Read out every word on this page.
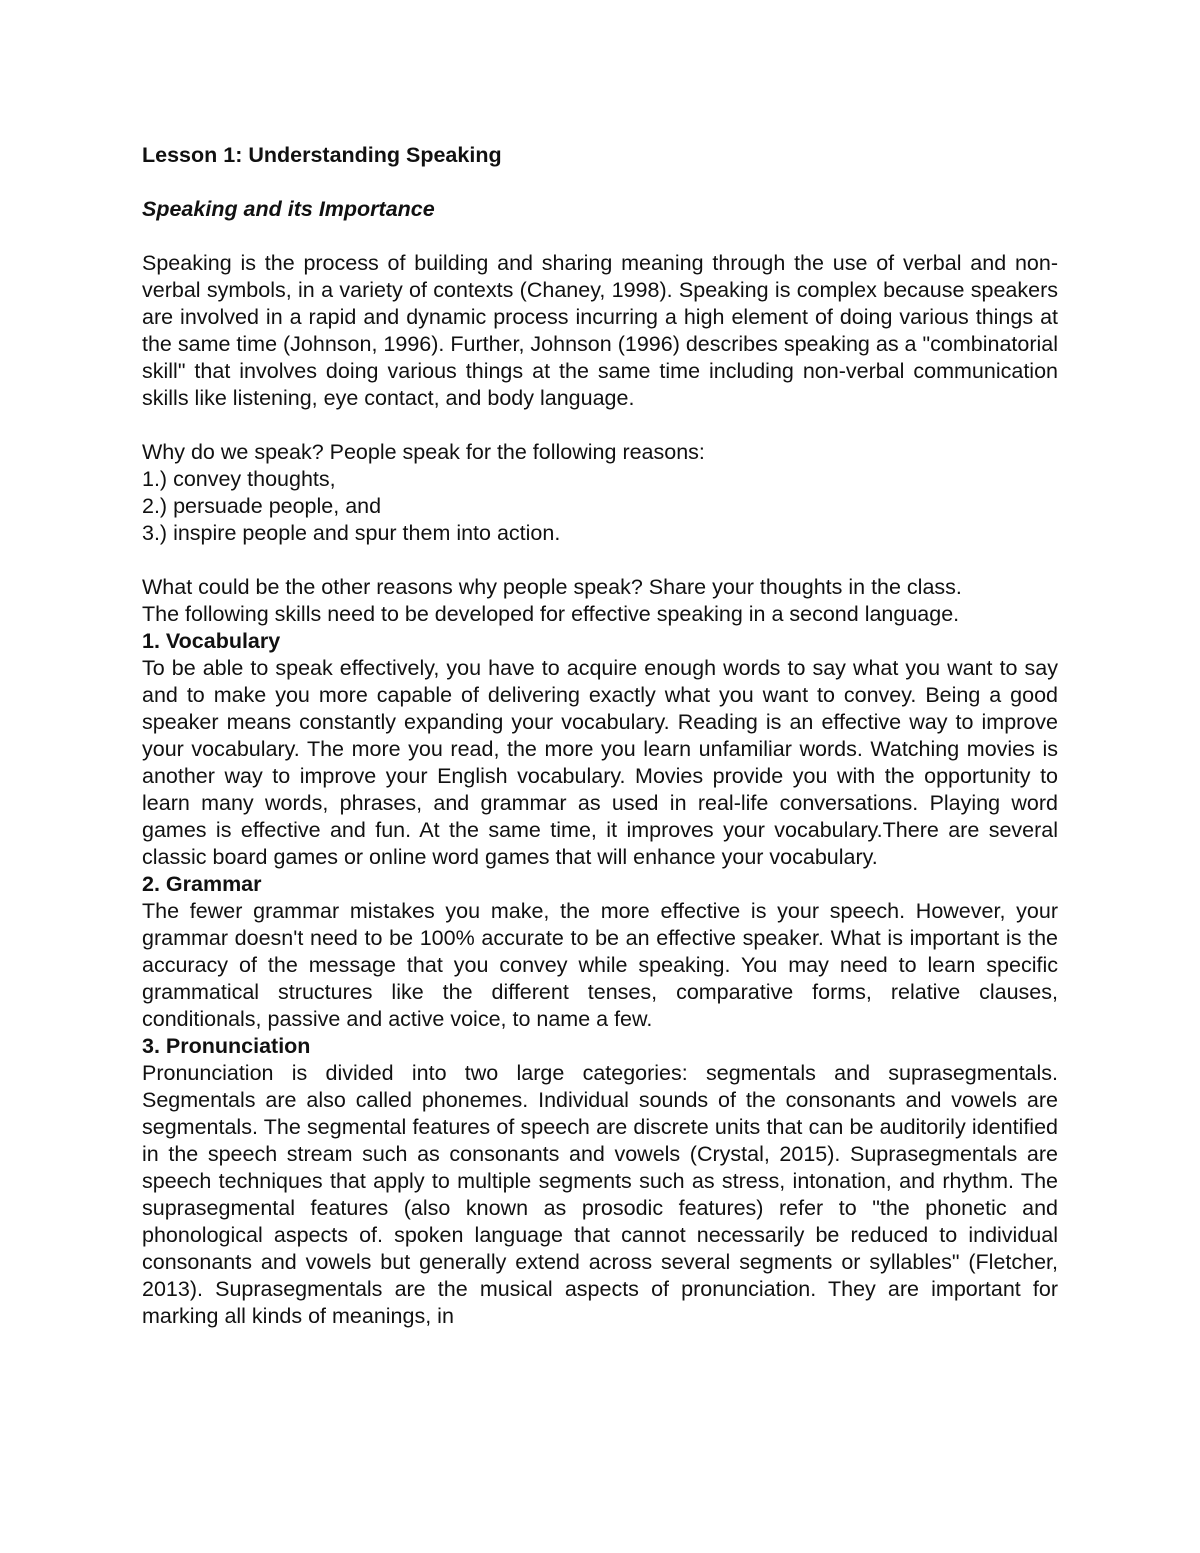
Lesson 1: Understanding Speaking

Speaking and its Importance

Speaking is the process of building and sharing meaning through the use of verbal and non-verbal symbols, in a variety of contexts (Chaney, 1998). Speaking is complex because speakers are involved in a rapid and dynamic process incurring a high element of doing various things at the same time (Johnson, 1996). Further, Johnson (1996) describes speaking as a "combinatorial skill" that involves doing various things at the same time including non-verbal communication skills like listening, eye contact, and body language.

Why do we speak? People speak for the following reasons:

1.) convey thoughts,

2.) persuade people, and

3.) inspire people and spur them into action.

What could be the other reasons why people speak? Share your thoughts in the class.

The following skills need to be developed for effective speaking in a second language.

1. Vocabulary

To be able to speak effectively, you have to acquire enough words to say what you want to say and to make you more capable of delivering exactly what you want to convey. Being a good speaker means constantly expanding your vocabulary. Reading is an effective way to improve your vocabulary. The more you read, the more you learn unfamiliar words. Watching movies is another way to improve your English vocabulary. Movies provide you with the opportunity to learn many words, phrases, and grammar as used in real-life conversations. Playing word games is effective and fun. At the same time, it improves your vocabulary.There are several classic board games or online word games that will enhance your vocabulary.

2. Grammar

The fewer grammar mistakes you make, the more effective is your speech. However, your grammar doesn't need to be 100% accurate to be an effective speaker. What is important is the accuracy of the message that you convey while speaking. You may need to learn specific grammatical structures like the different tenses, comparative forms, relative clauses, conditionals, passive and active voice, to name a few.

3. Pronunciation

Pronunciation is divided into two large categories: segmentals and suprasegmentals. Segmentals are also called phonemes. Individual sounds of the consonants and vowels are segmentals. The segmental features of speech are discrete units that can be auditorily identified in the speech stream such as consonants and vowels (Crystal, 2015). Suprasegmentals are speech techniques that apply to multiple segments such as stress, intonation, and rhythm. The suprasegmental features (also known as prosodic features) refer to "the phonetic and phonological aspects of. spoken language that cannot necessarily be reduced to individual consonants and vowels but generally extend across several segments or syllables" (Fletcher, 2013). Suprasegmentals are the musical aspects of pronunciation. They are important for marking all kinds of meanings, in
